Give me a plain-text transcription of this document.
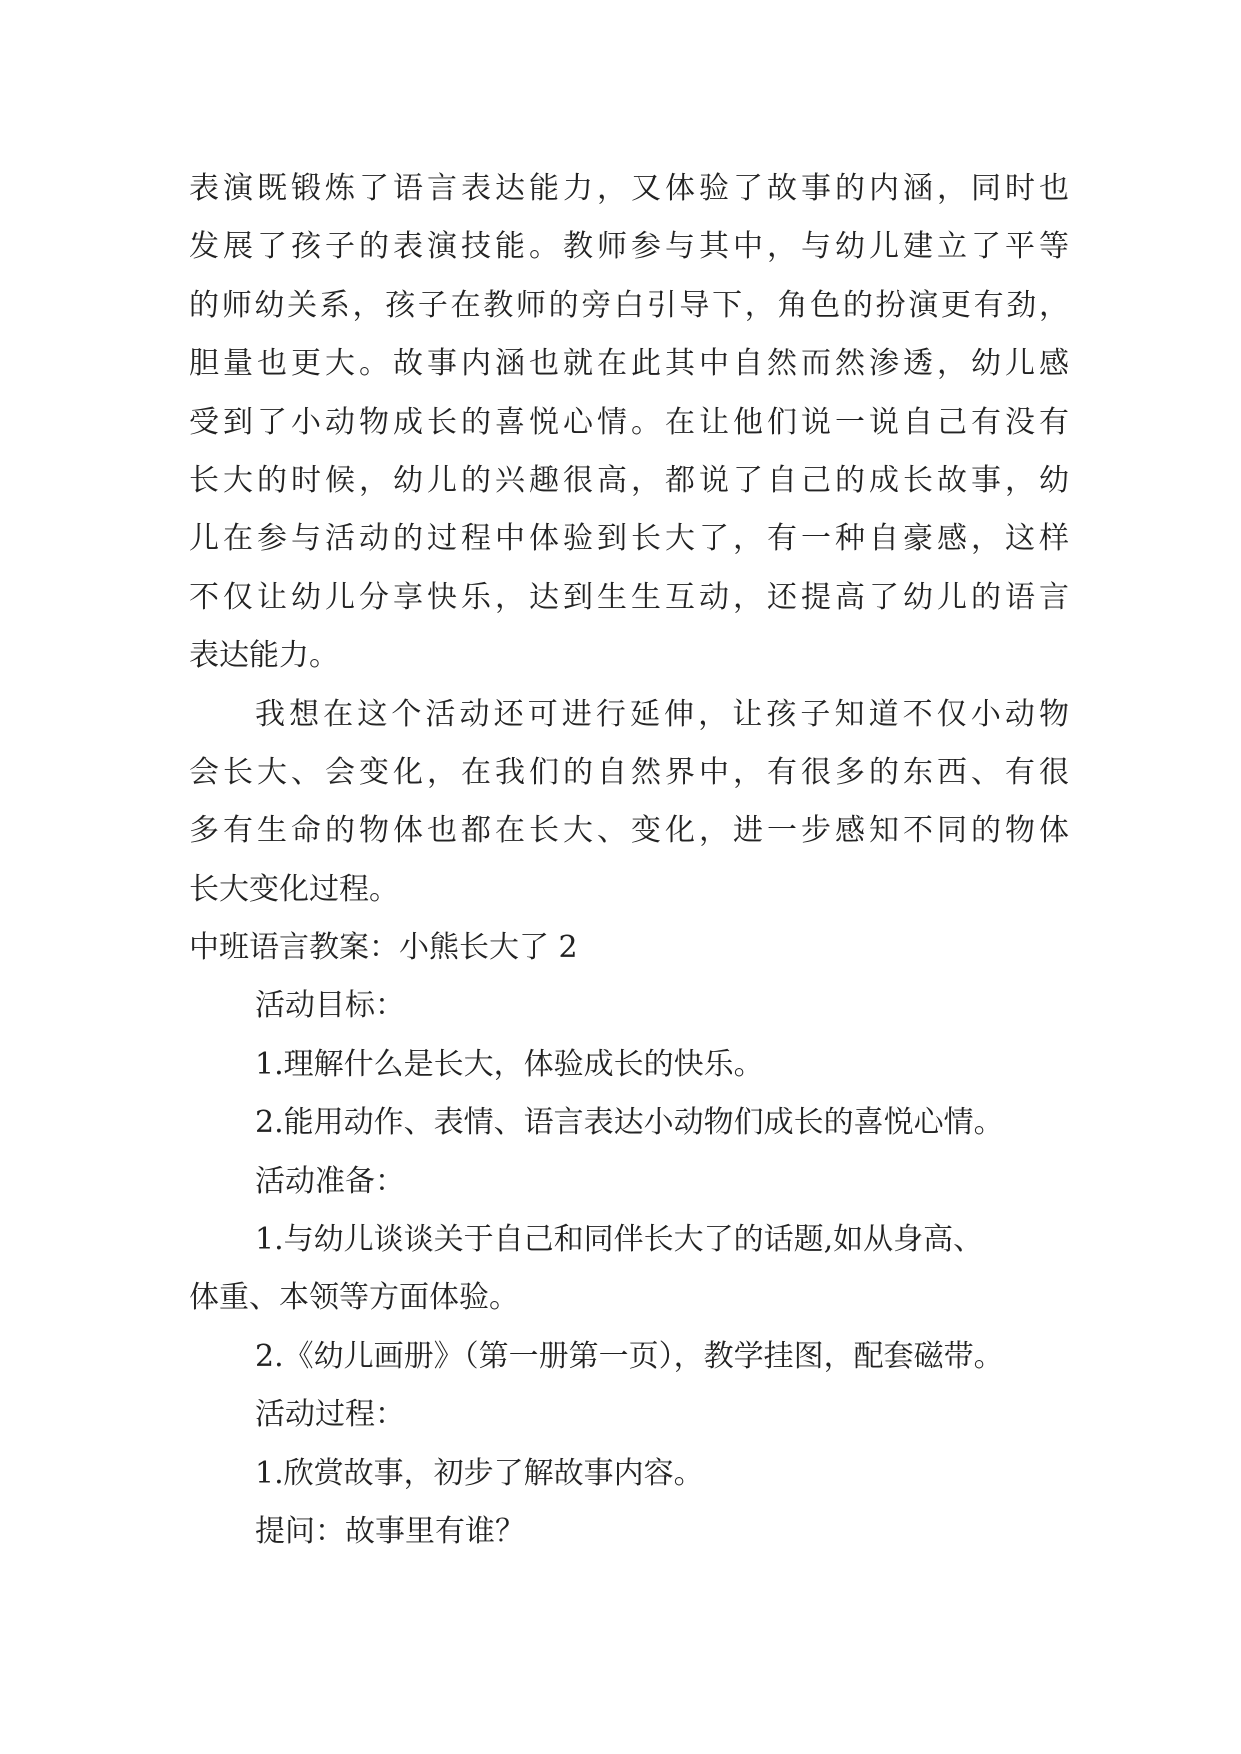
表演既锻炼了语言表达能力，又体验了故事的内涵，同时也
发展了孩子的表演技能。教师参与其中，与幼儿建立了平等
的师幼关系，孩子在教师的旁白引导下，角色的扮演更有劲，
胆量也更大。故事内涵也就在此其中自然而然渗透，幼儿感
受到了小动物成长的喜悦心情。在让他们说一说自己有没有
长大的时候，幼儿的兴趣很高，都说了自己的成长故事，幼
儿在参与活动的过程中体验到长大了，有一种自豪感，这样
不仅让幼儿分享快乐，达到生生互动，还提高了幼儿的语言
表达能力。
我想在这个活动还可进行延伸，让孩子知道不仅小动物
会长大、会变化，在我们的自然界中，有很多的东西、有很
多有生命的物体也都在长大、变化，进一步感知不同的物体
长大变化过程。
中班语言教案：小熊长大了 2
活动目标：
1.理解什么是长大，体验成长的快乐。
2.能用动作、表情、语言表达小动物们成长的喜悦心情。
活动准备：
1.与幼儿谈谈关于自己和同伴长大了的话题,如从身高、
体重、本领等方面体验。
2.《幼儿画册》（第一册第一页），教学挂图，配套磁带。
活动过程：
1.欣赏故事，初步了解故事内容。
提问：故事里有谁？
